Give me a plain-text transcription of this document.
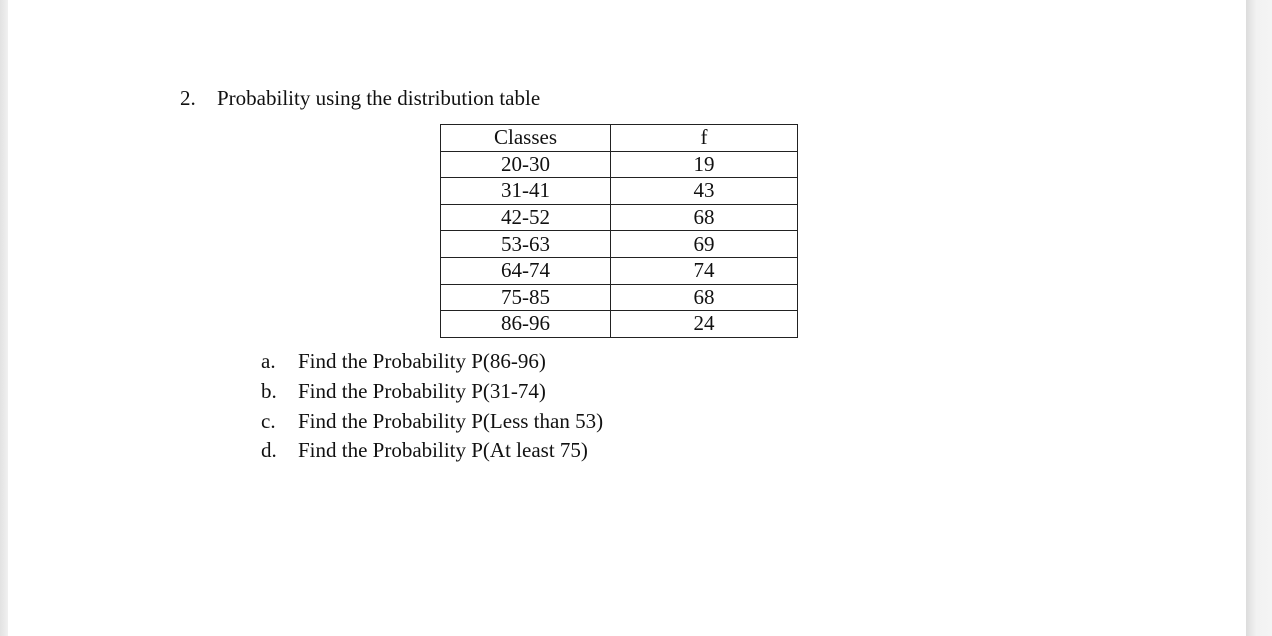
2. Probability using the distribution table
Classes	f
20-30	19
31-41	43
42-52	68
53-63	69
64-74	74
75-85	68
86-96	24
a. Find the Probability P(86-96)
b. Find the Probability P(31-74)
c. Find the Probability P(Less than 53)
d. Find the Probability P(At least 75)
